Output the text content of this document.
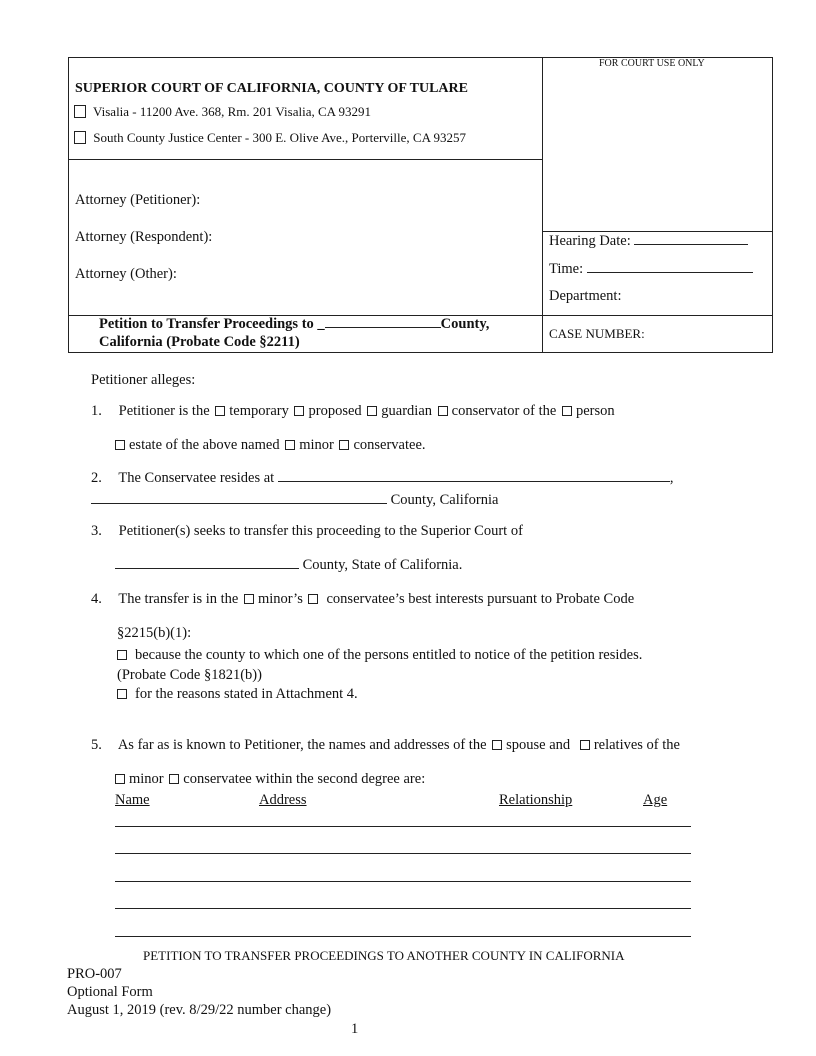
FOR COURT USE ONLY
SUPERIOR COURT OF CALIFORNIA, COUNTY OF TULARE
Visalia - 11200 Ave. 368, Rm. 201 Visalia, CA 93291
South County Justice Center - 300 E. Olive Ave., Porterville, CA 93257
Attorney (Petitioner):
Attorney (Respondent):
Attorney (Other):
Hearing Date:
Time:
Department:
Petition to Transfer Proceedings to _	County,
California (Probate Code §2211)
CASE NUMBER:
Petitioner alleges:
1. Petitioner is the temporary proposed guardian conservator of the person
estate of the above named minor conservatee.
2. The Conservatee resides at	,
County, California
3. Petitioner(s) seeks to transfer this proceeding to the Superior Court of
County, State of California.
4. The transfer is in the minor’s conservatee’s best interests pursuant to Probate Code
§2215(b)(1):
because the county to which one of the persons entitled to notice of the petition resides.
(Probate Code §1821(b))
for the reasons stated in Attachment 4.
5. As far as is known to Petitioner, the names and addresses of the spouse and relatives of the
minor conservatee within the second degree are:
Name	Address	Relationship	Age
PETITION TO TRANSFER PROCEEDINGS TO ANOTHER COUNTY IN CALIFORNIA
PRO-007
Optional Form
August 1, 2019 (rev. 8/29/22 number change)
1
